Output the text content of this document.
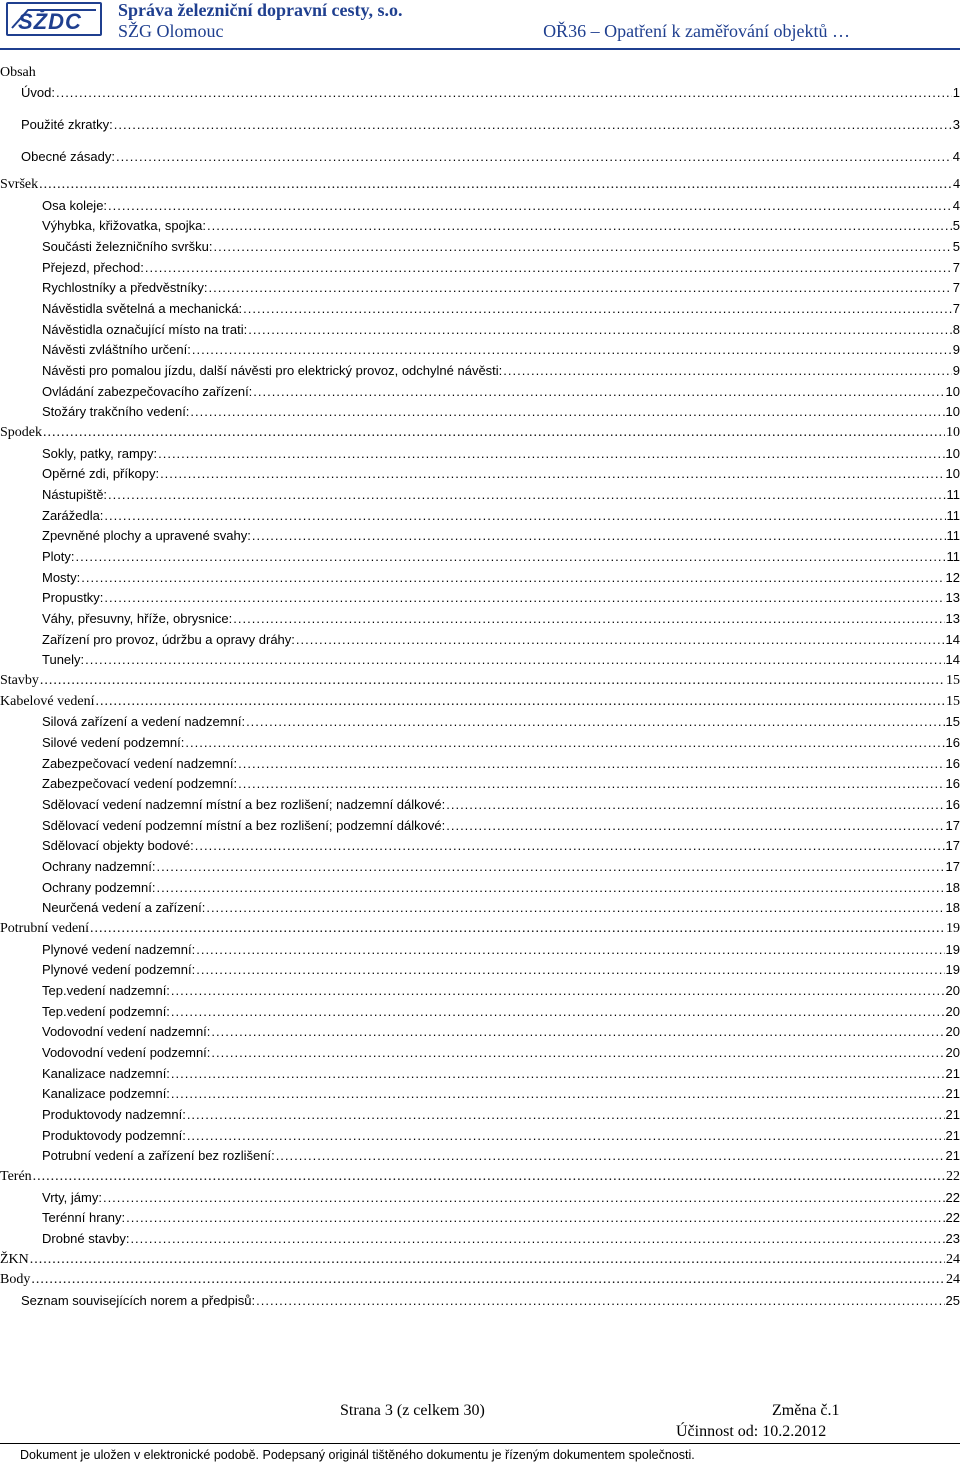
SŽDC Správa železniční dopravní cesty, s.o.
SŽG Olomouc	OŘ36 – Opatření k zaměřování objektů …
Obsah
Úvod: .....	1
Použité zkratky: .....	3
Obecné zásady: .....	4
Svršek .....	4
Osa koleje: .....	4
Výhybka, křižovatka, spojka: .....	5
Součásti železničního svršku: .....	5
Přejezd, přechod: .....	7
Rychlostníky a předvěstníky: .....	7
Návěstidla světelná a mechanická: .....	7
Návěstidla označující místo na trati: .....	8
Návěsti zvláštního určení: .....	9
Návěsti pro pomalou jízdu, další návěsti pro elektrický provoz, odchylné návěsti: .....	9
Ovládání zabezpečovacího zařízení: .....	10
Stožáry trakčního vedení: .....	10
Spodek .....	10
Sokly, patky, rampy: .....	10
Opěrné zdi, příkopy: .....	10
Nástupiště: .....	11
Zarážedla: .....	11
Zpevněné plochy a upravené svahy: .....	11
Ploty: .....	11
Mosty: .....	12
Propustky: .....	13
Váhy, přesuvny, hříže, obrysnice: .....	13
Zařízení pro provoz, údržbu a opravy dráhy: .....	14
Tunely: .....	14
Stavby .....	15
Kabelové vedení .....	15
Silová zařízení a vedení nadzemní: .....	15
Silové vedení podzemní: .....	16
Zabezpečovací vedení nadzemní: .....	16
Zabezpečovací vedení podzemní: .....	16
Sdělovací vedení nadzemní místní a bez rozlišení; nadzemní dálkové: .....	16
Sdělovací vedení podzemní místní a bez rozlišení; podzemní dálkové: .....	17
Sdělovací objekty bodové: .....	17
Ochrany nadzemní: .....	17
Ochrany podzemní: .....	18
Neurčená vedení a zařízení: .....	18
Potrubní vedení .....	19
Plynové vedení nadzemní: .....	19
Plynové vedení podzemní: .....	19
Tep.vedení nadzemní: .....	20
Tep.vedení podzemní: .....	20
Vodovodní vedení nadzemní: .....	20
Vodovodní vedení podzemní: .....	20
Kanalizace nadzemní: .....	21
Kanalizace podzemní: .....	21
Produktovody nadzemní: .....	21
Produktovody podzemní: .....	21
Potrubní vedení a zařízení bez rozlišení: .....	21
Terén .....	22
Vrty, jámy: .....	22
Terénní hrany: .....	22
Drobné stavby: .....	23
ŽKN .....	24
Body .....	24
Seznam souvisejících norem a předpisů: .....	25
Strana 3 (z celkem 30)	Změna č.1
Účinnost od: 10.2.2012
Dokument je uložen v elektronické podobě. Podepsaný originál tištěného dokumentu je řízeným dokumentem společnosti.
